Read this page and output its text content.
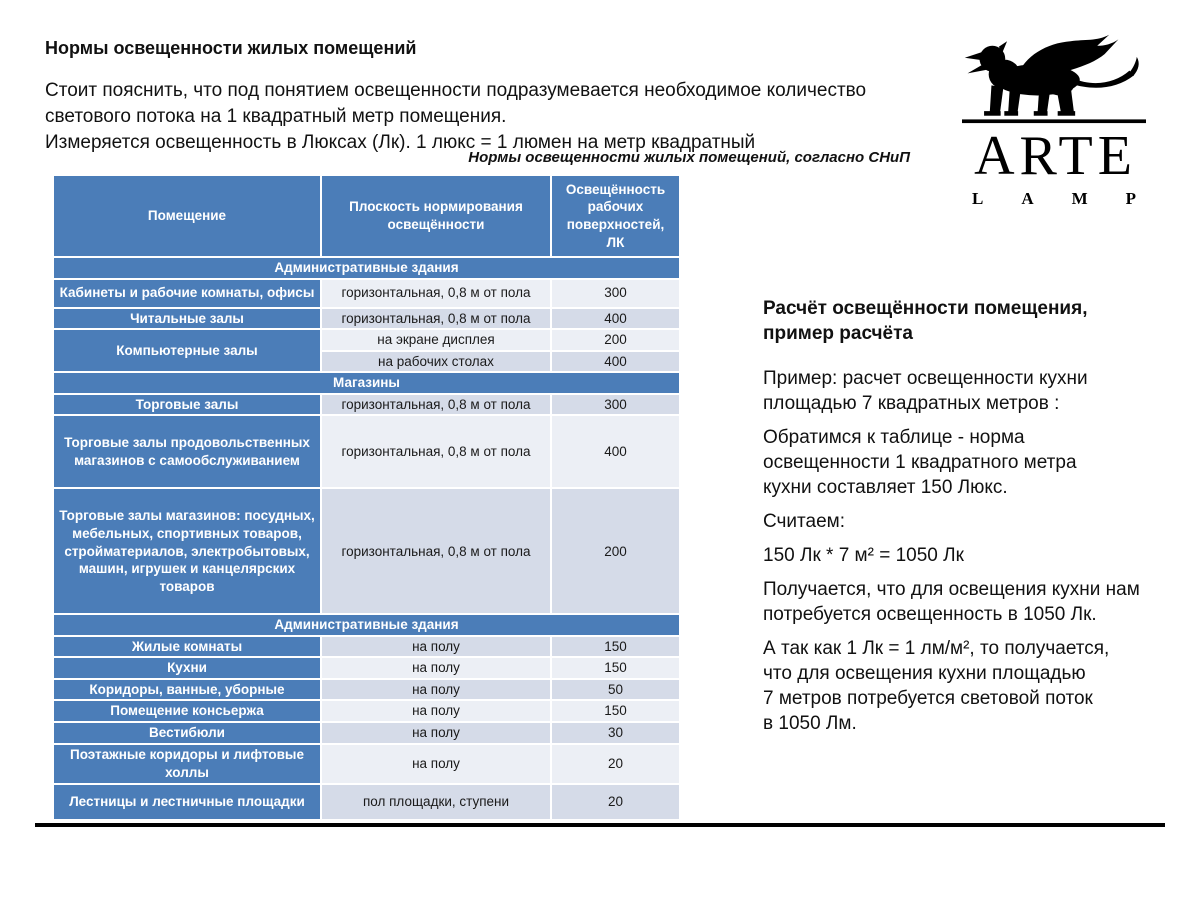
Нормы освещенности жилых помещений
Стоит пояснить, что под понятием освещенности подразумевается необходимое количество
светового потока на 1 квадратный метр помещения.
Измеряется освещенность в Люксах (Лк). 1 люкс = 1 люмен на метр квадратный
Нормы освещенности жилых помещений, согласно СНиП
Помещение	Плоскость нормирования освещённости	Освещённость рабочих поверхностей, ЛК
Административные здания		
Кабинеты и рабочие комнаты, офисы	горизонтальная, 0,8 м от пола	300
Читальные залы	горизонтальная, 0,8 м от пола	400
Компьютерные залы	на экране дисплея	200
	на рабочих столах	400
Магазины		
Торговые залы	горизонтальная, 0,8 м от пола	300
Торговые залы продовольственных магазинов с самообслуживанием	горизонтальная, 0,8 м от пола	400
Торговые залы магазинов: посудных, мебельных, спортивных товаров, стройматериалов, электробытовых, машин, игрушек и канцелярских товаров	горизонтальная, 0,8 м от пола	200
Административные здания		
Жилые комнаты	на полу	150
Кухни	на полу	150
Коридоры, ванные, уборные	на полу	50
Помещение консьержа	на полу	150
Вестибюли	на полу	30
Поэтажные коридоры и лифтовые холлы	на полу	20
Лестницы и лестничные площадки	пол площадки, ступени	20
Расчёт освещённости помещения,
пример расчёта
Пример: расчет освещенности кухни
площадью 7 квадратных метров :
Обратимся к таблице - норма
освещенности 1 квадратного метра
кухни составляет 150 Люкс.
Считаем:
150 Лк * 7 м² = 1050 Лк
Получается, что для освещения кухни нам
потребуется освещенность в 1050 Лк.
А так как 1 Лк = 1 лм/м², то получается,
что для освещения кухни площадью
7 метров потребуется световой поток
в 1050 Лм.
ARTE
L A M P
